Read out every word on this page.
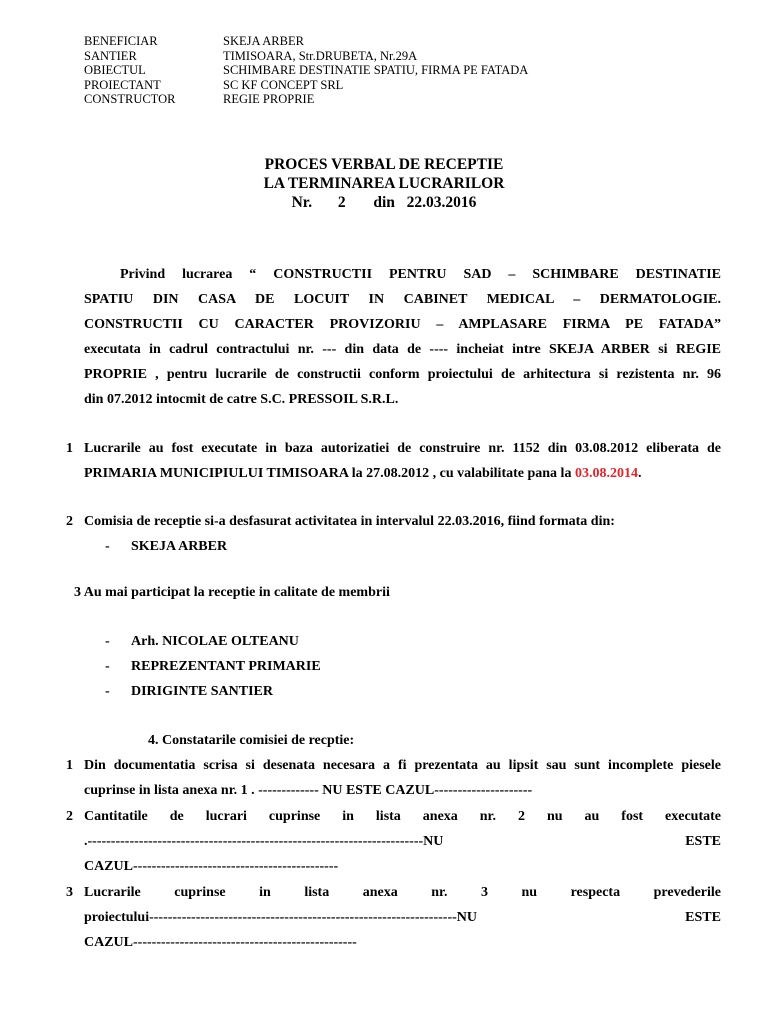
BENEFICIAR	SKEJA ARBER
SANTIER	TIMISOARA, Str.DRUBETA, Nr.29A
OBIECTUL	SCHIMBARE DESTINATIE SPATIU, FIRMA PE FATADA
PROIECTANT	SC KF CONCEPT SRL
CONSTRUCTOR	REGIE PROPRIE
PROCES VERBAL DE RECEPTIE
LA TERMINAREA LUCRARILOR
Nr. 2 din 22.03.2016
Privind lucrarea “ CONSTRUCTII PENTRU SAD – SCHIMBARE DESTINATIE
SPATIU DIN CASA DE LOCUIT IN CABINET MEDICAL – DERMATOLOGIE.
CONSTRUCTII CU CARACTER PROVIZORIU – AMPLASARE FIRMA PE FATADA”
executata in cadrul contractului nr. --- din data de ---- incheiat intre SKEJA ARBER si REGIE
PROPRIE , pentru lucrarile de constructii conform proiectului de arhitectura si rezistenta nr. 96
din 07.2012 intocmit de catre S.C. PRESSOIL S.R.L.
1 Lucrarile au fost executate in baza autorizatiei de construire nr. 1152 din 03.08.2012 eliberata de
PRIMARIA MUNICIPIULUI TIMISOARA la 27.08.2012 , cu valabilitate pana la 03.08.2014.
2 Comisia de receptie si-a desfasurat activitatea in intervalul 22.03.2016, fiind formata din:
- SKEJA ARBER
3 Au mai participat la receptie in calitate de membrii
- Arh. NICOLAE OLTEANU
- REPREZENTANT PRIMARIE
- DIRIGINTE SANTIER
4. Constatarile comisiei de recptie:
1 Din documentatia scrisa si desenata necesara a fi prezentata au lipsit sau sunt incomplete piesele
cuprinse in lista anexa nr. 1 . ------------- NU ESTE CAZUL---------------------
2 Cantitatile de lucrari cuprinse in lista anexa nr. 2 nu au fost executate
.------------------------------------------------------------------------NU ESTE
CAZUL--------------------------------------------
3 Lucrarile cuprinse in lista anexa nr. 3 nu respecta prevederile
proiectului------------------------------------------------------------------NU ESTE
CAZUL------------------------------------------------
